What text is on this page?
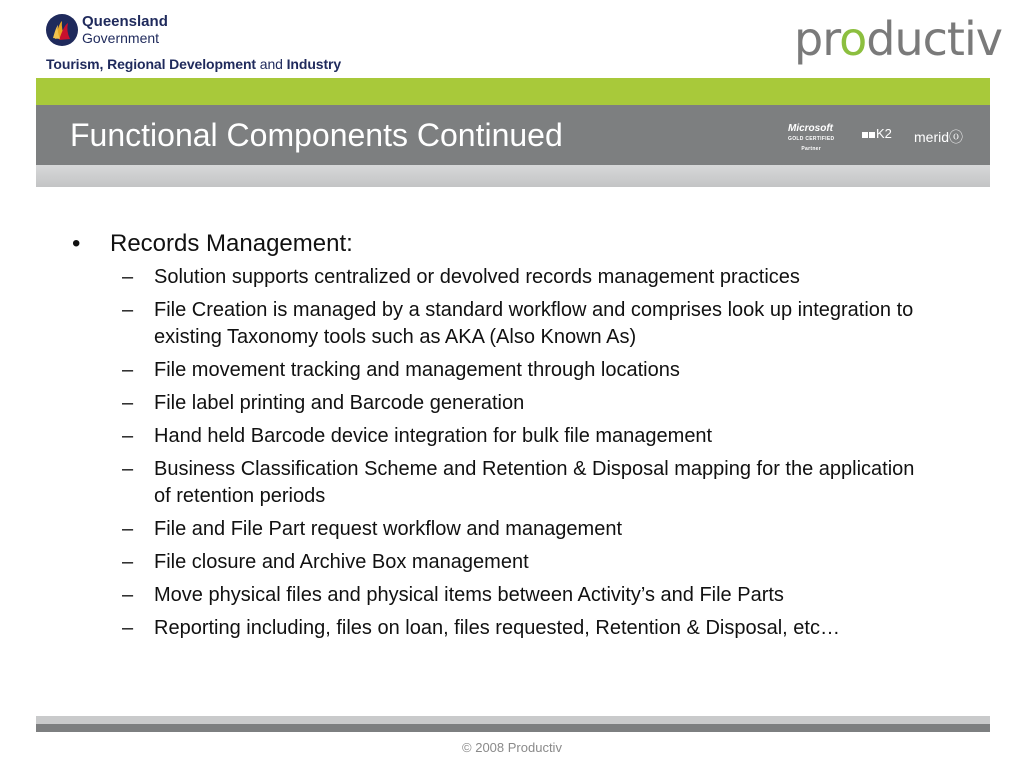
Queensland
Government
Tourism, Regional Development and Industry	productiv
Functional Components Continued	Microsoft
GOLD CERTIFIED
Partner
K2 meridⓞ
• Records Management:
– Solution supports centralized or devolved records management practices
– File Creation is managed by a standard workflow and comprises look up integration to existing Taxonomy tools such as AKA (Also Known As)
– File movement tracking and management through locations
– File label printing and Barcode generation
– Hand held Barcode device integration for bulk file management
– Business Classification Scheme and Retention & Disposal mapping for the application of retention periods
– File and File Part request workflow and management
– File closure and Archive Box management
– Move physical files and physical items between Activity’s and File Parts
– Reporting including, files on loan, files requested, Retention & Disposal, etc…
© 2008 Productiv
